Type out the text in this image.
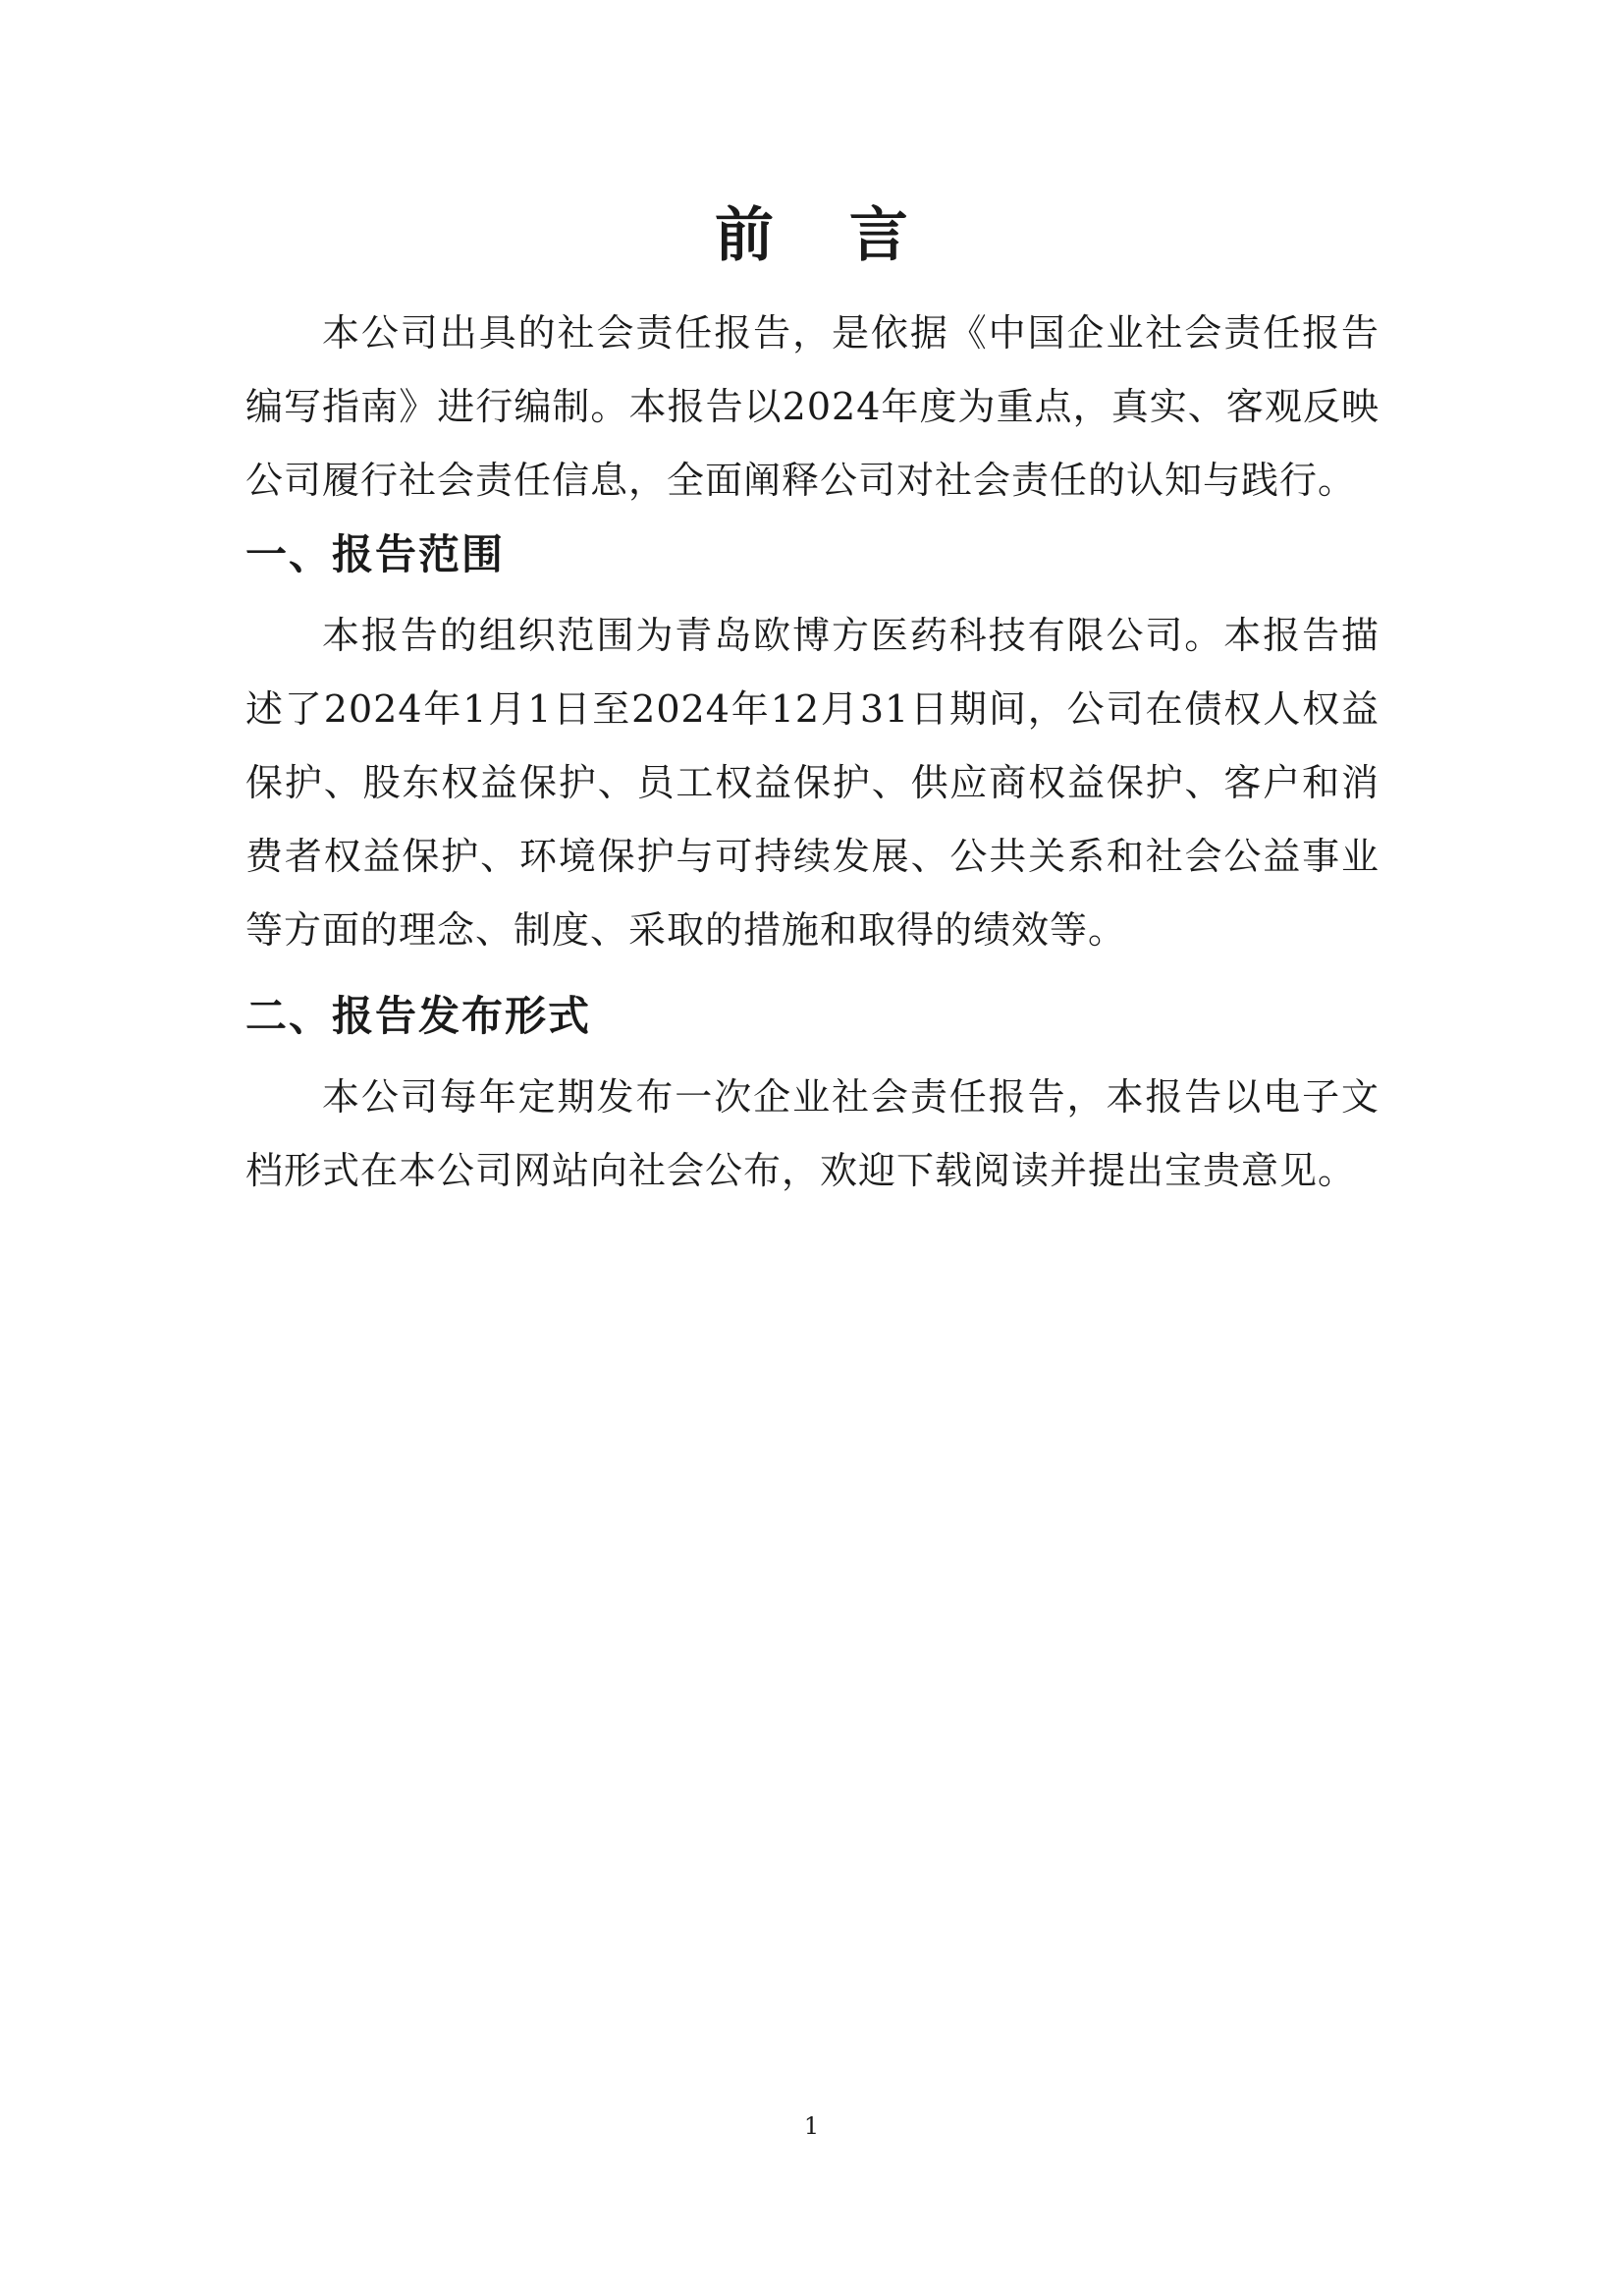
前 言

本公司出具的社会责任报告，是依据《中国企业社会责任报告编写指南》进行编制。本报告以2024年度为重点，真实、客观反映公司履行社会责任信息，全面阐释公司对社会责任的认知与践行。

一、报告范围

本报告的组织范围为青岛欧博方医药科技有限公司。本报告描述了2024年1月1日至2024年12月31日期间，公司在债权人权益保护、股东权益保护、员工权益保护、供应商权益保护、客户和消费者权益保护、环境保护与可持续发展、公共关系和社会公益事业等方面的理念、制度、采取的措施和取得的绩效等。

二、报告发布形式

本公司每年定期发布一次企业社会责任报告，本报告以电子文档形式在本公司网站向社会公布，欢迎下载阅读并提出宝贵意见。

1
